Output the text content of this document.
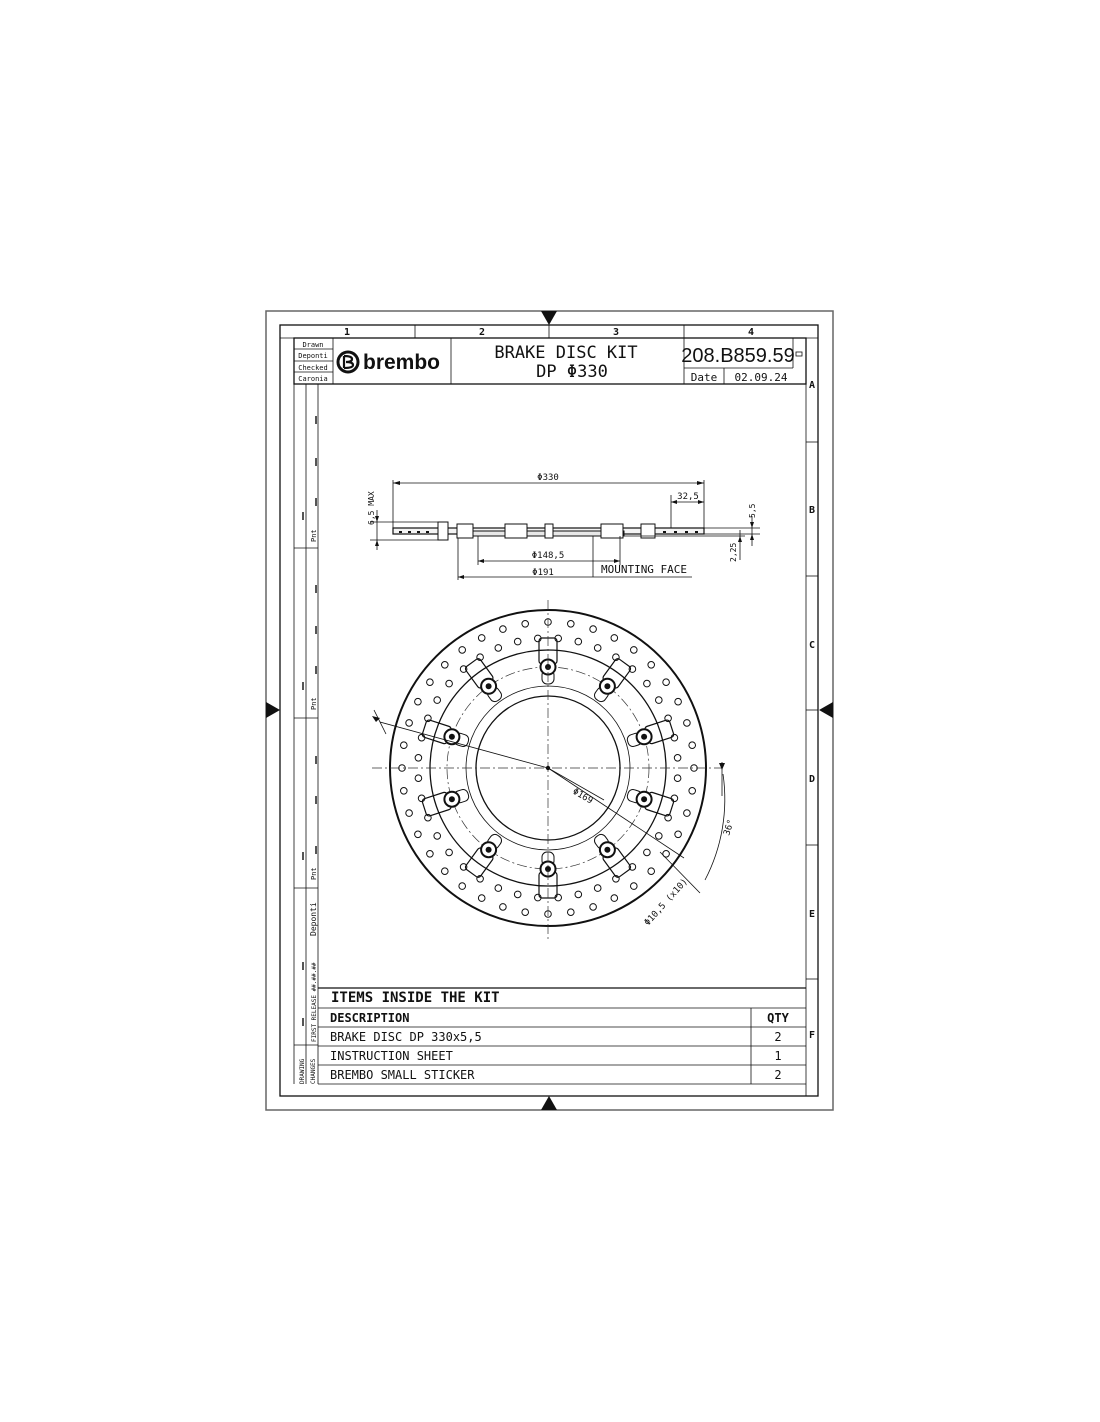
1	2	3	4
Drawn
Deponti
Checked
Caronia
brembo	BRAKE DISC KIT
DP Φ330
208.B859.59
Date 02.09.24
A
B
C
D
E
F
Pnt
Pnt
Pnt
Deponti
FIRST RELEASE ##.##.##
DRAWING CHANGES
Φ330
32,5
6,5 MAX	5,5
2,25
Φ148,5
Φ191	MOUNTING FACE
Φ169
36°
Φ10,5 (x10)
ITEMS INSIDE THE KIT
DESCRIPTION	QTY
BRAKE DISC DP 330x5,5	2
INSTRUCTION SHEET	1
BREMBO SMALL STICKER	2
